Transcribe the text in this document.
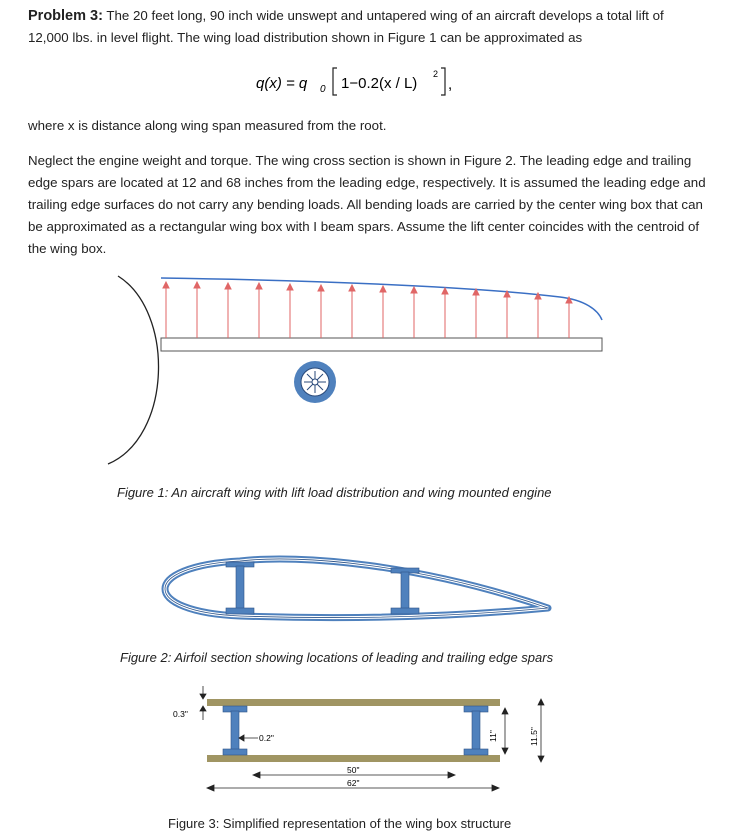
Problem 3: The 20 feet long, 90 inch wide unswept and untapered wing of an aircraft develops a total lift of 12,000 lbs. in level flight. The wing load distribution shown in Figure 1 can be approximated as

q(x) = q 0 1−0.2(x / L)
2
,

where x is distance along wing span measured from the root.

Neglect the engine weight and torque. The wing cross section is shown in Figure 2. The leading edge and trailing edge spars are located at 12 and 68 inches from the leading edge, respectively. It is assumed the leading edge and trailing edge surfaces do not carry any bending loads. All bending loads are carried by the center wing box that can be approximated as a rectangular wing box with I beam spars. Assume the lift center coincides with the centroid of the wing box.

Figure 1: An aircraft wing with lift load distribution and wing mounted engine
Figure 2: Airfoil section showing locations of leading and trailing edge spars
0.3"
0.2"
50"
62"
11"	11.5"
Figure 3: Simplified representation of the wing box structure
